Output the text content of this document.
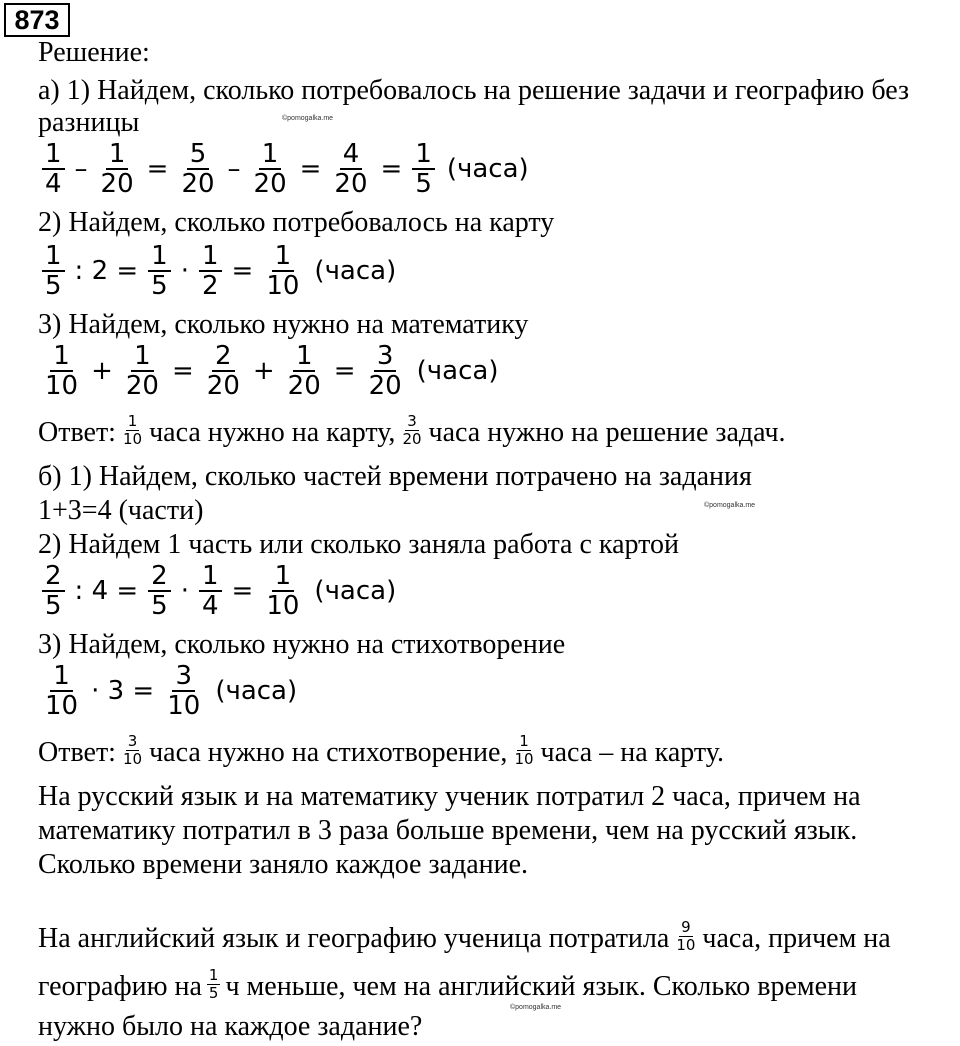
873
Решение:
а) 1) Найдем, сколько потребовалось на решение задачи и географию без
разницы	©pomogalka.me
$\frac{1}{4} - \frac{1}{20} = \frac{5}{20} - \frac{1}{20} = \frac{4}{20} = \frac{1}{5}$ (часа)
2) Найдем, сколько потребовалось на карту
$\frac{1}{5}$ : $2 = \frac{1}{5} \cdot \frac{1}{2} = \frac{1}{10}$ (часа)
3) Найдем, сколько нужно на математику
$\frac{1}{10} + \frac{1}{20} = \frac{2}{20} + \frac{1}{20} = \frac{3}{20}$ (часа)
Ответ: $\frac{1}{10}$ часа нужно на карту, $\frac{3}{20}$ часа нужно на решение задач.
б) 1) Найдем, сколько частей времени потрачено на задания
1+3=4 (части)	©pomogalka.me
2) Найдем 1 часть или сколько заняла работа с картой
$\frac{2}{5}$ : $4 = \frac{2}{5} \cdot \frac{1}{4} = \frac{1}{10}$ (часа)
3) Найдем, сколько нужно на стихотворение
$\frac{1}{10} \cdot 3 = \frac{3}{10}$ (часа)
Ответ: $\frac{3}{10}$ часа нужно на стихотворение, $\frac{1}{10}$ часа – на карту.
На русский язык и на математику ученик потратил 2 часа, причем на
математику потратил в 3 раза больше времени, чем на русский язык.
Сколько времени заняло каждое задание.
На английский язык и географию ученица потратила $\frac{9}{10}$ часа, причем на
географию на $\frac{1}{5}$ ч меньше, чем на английский язык. Сколько времени
©pomogalka.me
нужно было на каждое задание?
